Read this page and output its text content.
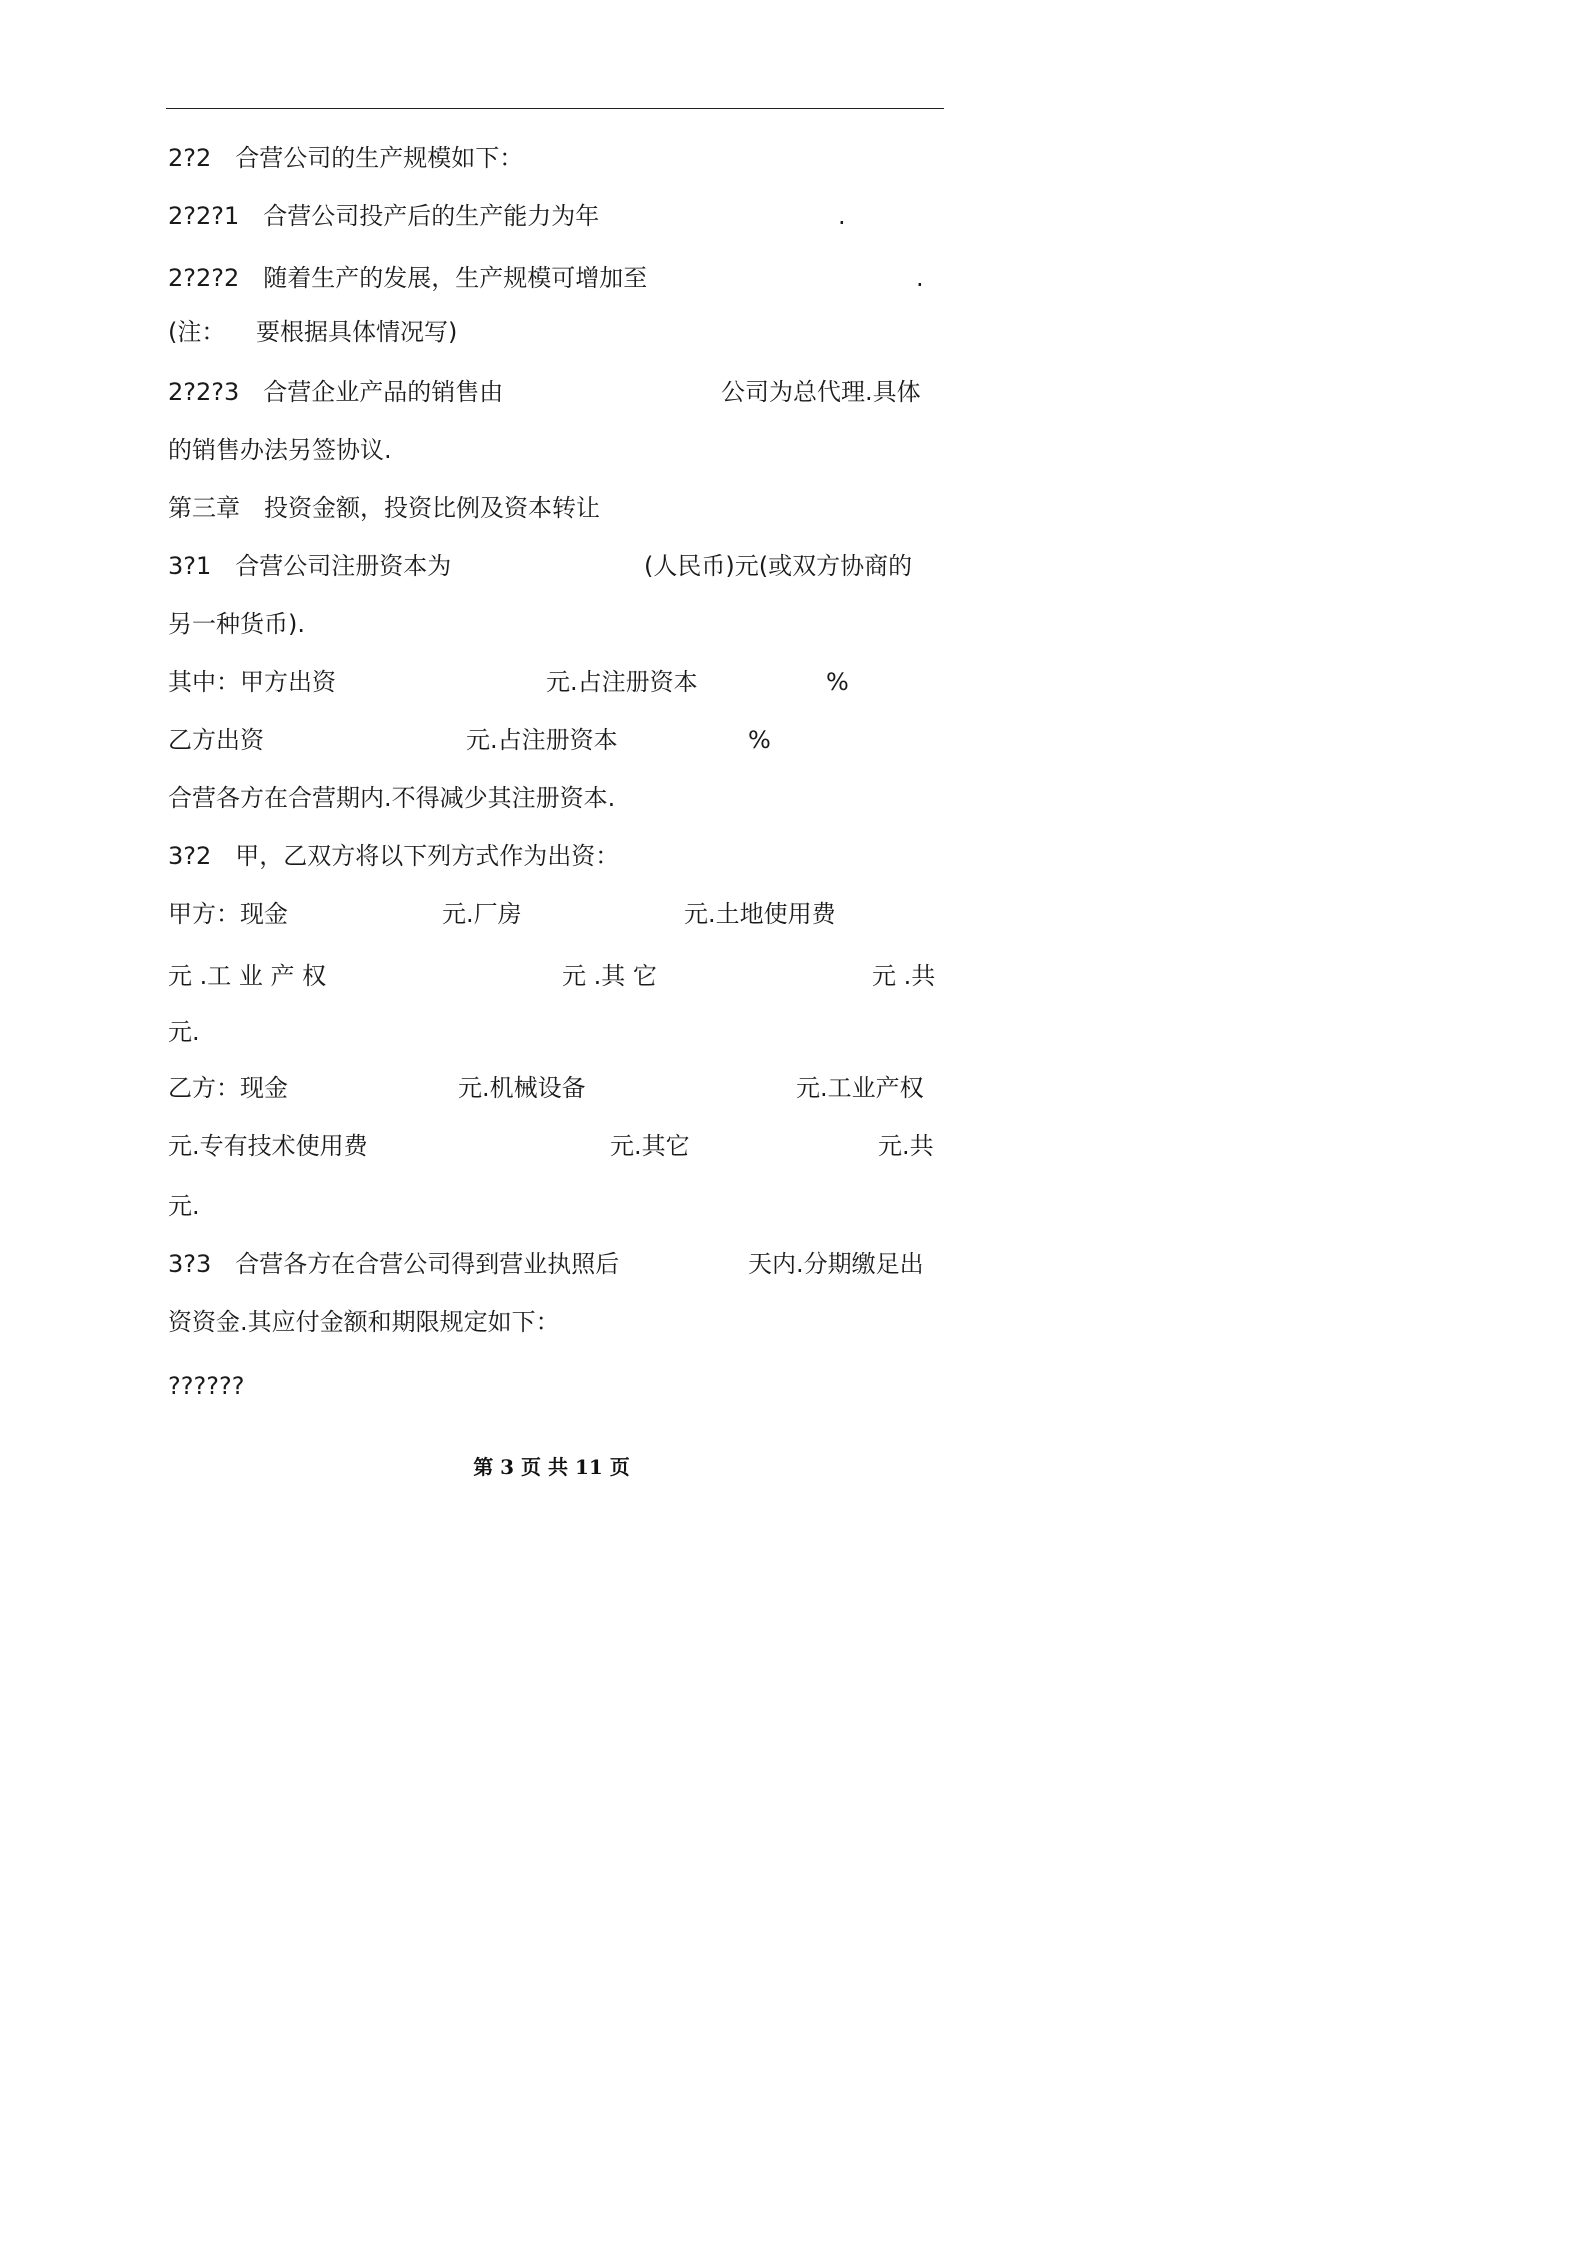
2?2　合营公司的生产规模如下：

2?2?1　合营公司投产后的生产能力为年

	.

2?2?2　随着生产的发展，生产规模可增加至

	.

(注：

要根据具体情况写)

2?2?3　合营企业产品的销售由

	公司为总代理.具体

的销售办法另签协议.

第三章　投资金额，投资比例及资本转让

3?1　合营公司注册资本为

	(人民币)元(或双方协商的

另一种货币).

其中：甲方出资

	元.占注册资本

	%

乙方出资

	元.占注册资本

	%

合营各方在合营期内.不得减少其注册资本.

3?2　甲，乙双方将以下列方式作为出资：

甲方：现金

	元.厂房

	元.土地使用费

元 .工 业 产 权

	元 .其 它

	元 .共

元.

乙方：现金

	元.机械设备

	元.工业产权

元.专有技术使用费

	元.其它

	元.共

元.

3?3　合营各方在合营公司得到营业执照后

	天内.分期缴足出

资资金.其应付金额和期限规定如下：

??????

第 3 页 共 11 页
